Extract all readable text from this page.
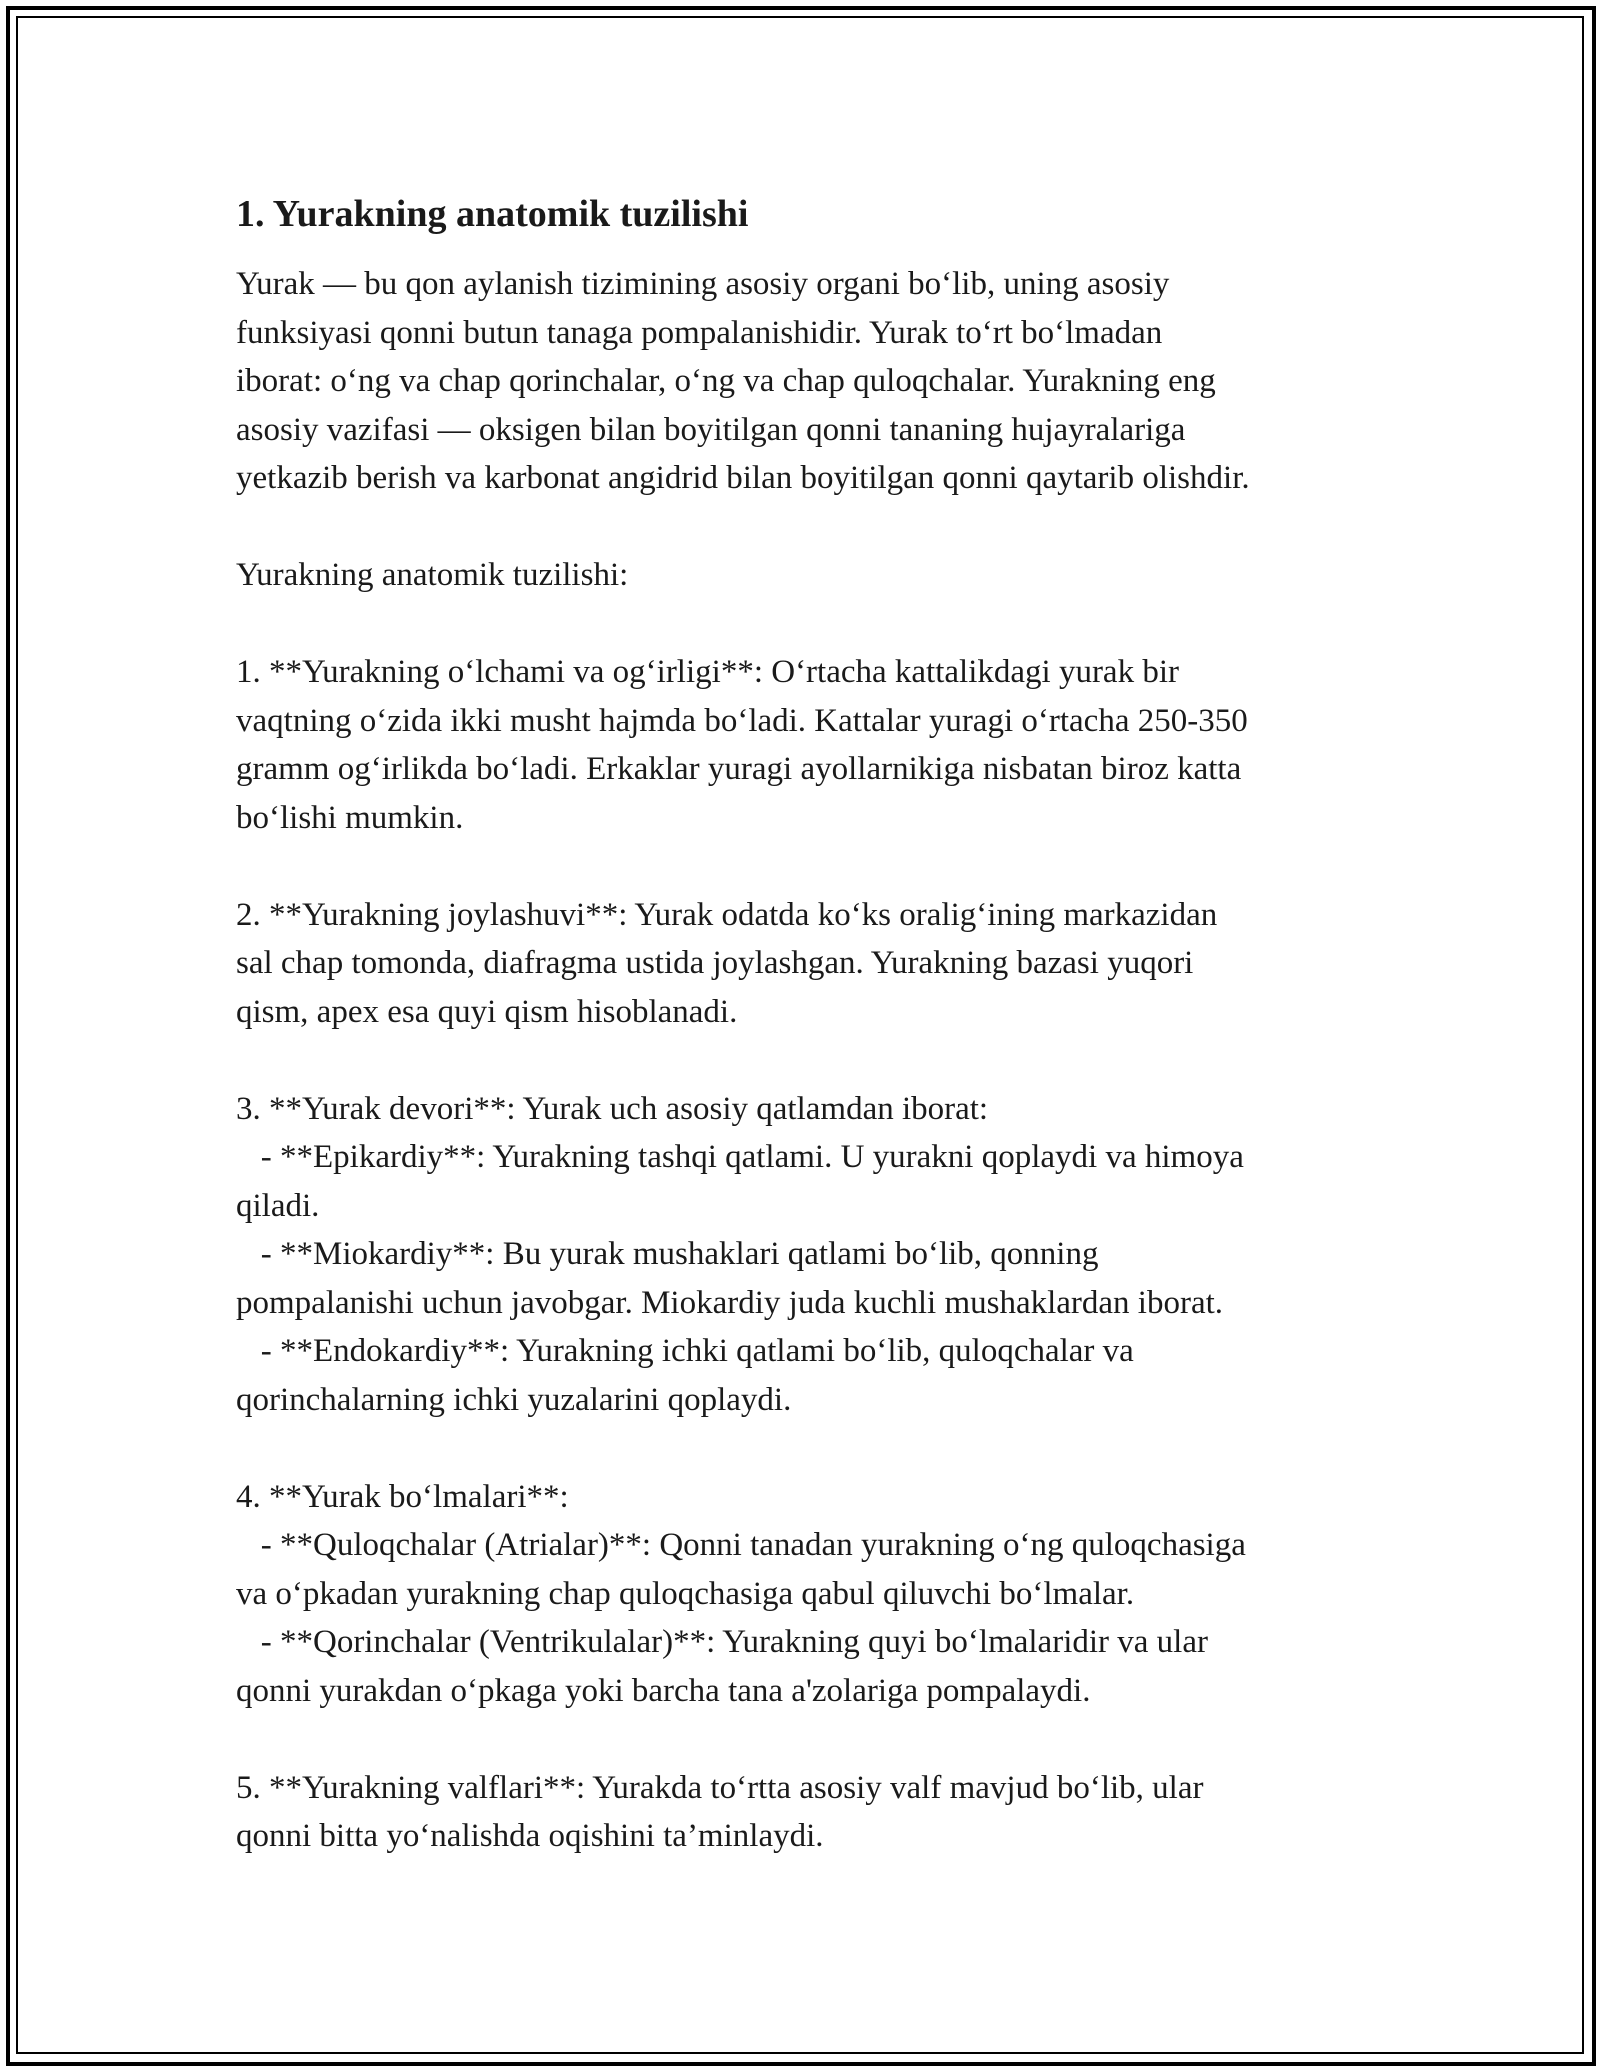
1. Yurakning anatomik tuzilishi
Yurak — bu qon aylanish tizimining asosiy organi bo‘lib, uning asosiy
funksiyasi qonni butun tanaga pompalanishidir. Yurak to‘rt bo‘lmadan
iborat: o‘ng va chap qorinchalar, o‘ng va chap quloqchalar. Yurakning eng
asosiy vazifasi — oksigen bilan boyitilgan qonni tananing hujayralariga
yetkazib berish va karbonat angidrid bilan boyitilgan qonni qaytarib olishdir.
Yurakning anatomik tuzilishi:
1. **Yurakning o‘lchami va og‘irligi**: O‘rtacha kattalikdagi yurak bir
vaqtning o‘zida ikki musht hajmda bo‘ladi. Kattalar yuragi o‘rtacha 250-350
gramm og‘irlikda bo‘ladi. Erkaklar yuragi ayollarnikiga nisbatan biroz katta
bo‘lishi mumkin.
2. **Yurakning joylashuvi**: Yurak odatda ko‘ks oralig‘ining markazidan
sal chap tomonda, diafragma ustida joylashgan. Yurakning bazasi yuqori
qism, apex esa quyi qism hisoblanadi.
3. **Yurak devori**: Yurak uch asosiy qatlamdan iborat:
- **Epikardiy**: Yurakning tashqi qatlami. U yurakni qoplaydi va himoya
qiladi.
- **Miokardiy**: Bu yurak mushaklari qatlami bo‘lib, qonning
pompalanishi uchun javobgar. Miokardiy juda kuchli mushaklardan iborat.
- **Endokardiy**: Yurakning ichki qatlami bo‘lib, quloqchalar va
qorinchalarning ichki yuzalarini qoplaydi.
4. **Yurak bo‘lmalari**:
- **Quloqchalar (Atrialar)**: Qonni tanadan yurakning o‘ng quloqchasiga
va o‘pkadan yurakning chap quloqchasiga qabul qiluvchi bo‘lmalar.
- **Qorinchalar (Ventrikulalar)**: Yurakning quyi bo‘lmalaridir va ular
qonni yurakdan o‘pkaga yoki barcha tana a'zolariga pompalaydi.
5. **Yurakning valflari**: Yurakda to‘rtta asosiy valf mavjud bo‘lib, ular
qonni bitta yo‘nalishda oqishini ta’minlaydi.
